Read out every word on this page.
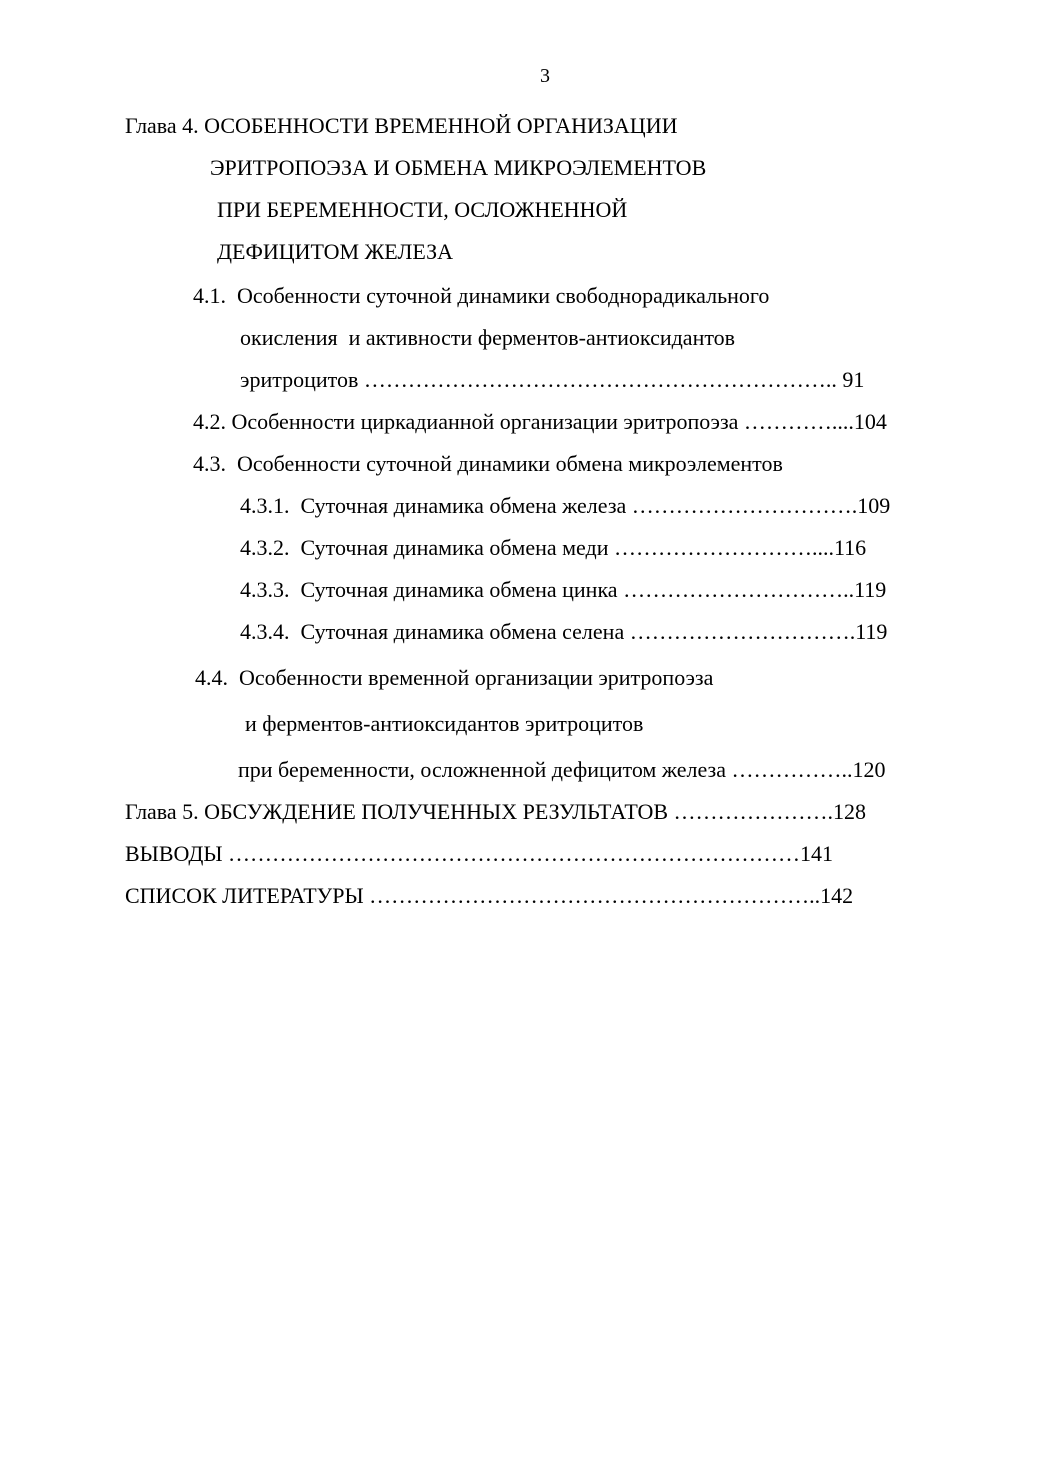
3
Глава 4. ОСОБЕННОСТИ ВРЕМЕННОЙ ОРГАНИЗАЦИИ
ЭРИТРОПОЭЗА И ОБМЕНА МИКРОЭЛЕМЕНТОВ
ПРИ БЕРЕМЕННОСТИ, ОСЛОЖНЕННОЙ
ДЕФИЦИТОМ ЖЕЛЕЗА
4.1.  Особенности суточной динамики свободнорадикального
окисления  и активности ферментов-антиоксидантов
эритроцитов ……………………………………………………….. 91
4.2. Особенности циркадианной организации эритропоэза …………....104
4.3.  Особенности суточной динамики обмена микроэлементов
4.3.1.  Суточная динамика обмена железа ………………………….109
4.3.2.  Суточная динамика обмена меди ………………………....116
4.3.3.  Суточная динамика обмена цинка …………………………..119
4.3.4.  Суточная динамика обмена селена ………………………….119
4.4.  Особенности временной организации эритропоэза
и ферментов-антиоксидантов эритроцитов
при беременности, осложненной дефицитом железа ……………..120
Глава 5. ОБСУЖДЕНИЕ ПОЛУЧЕННЫХ РЕЗУЛЬТАТОВ ………………….128
ВЫВОДЫ ……………………………………………………………………141
СПИСОК ЛИТЕРАТУРЫ ……………………………………………………..142
